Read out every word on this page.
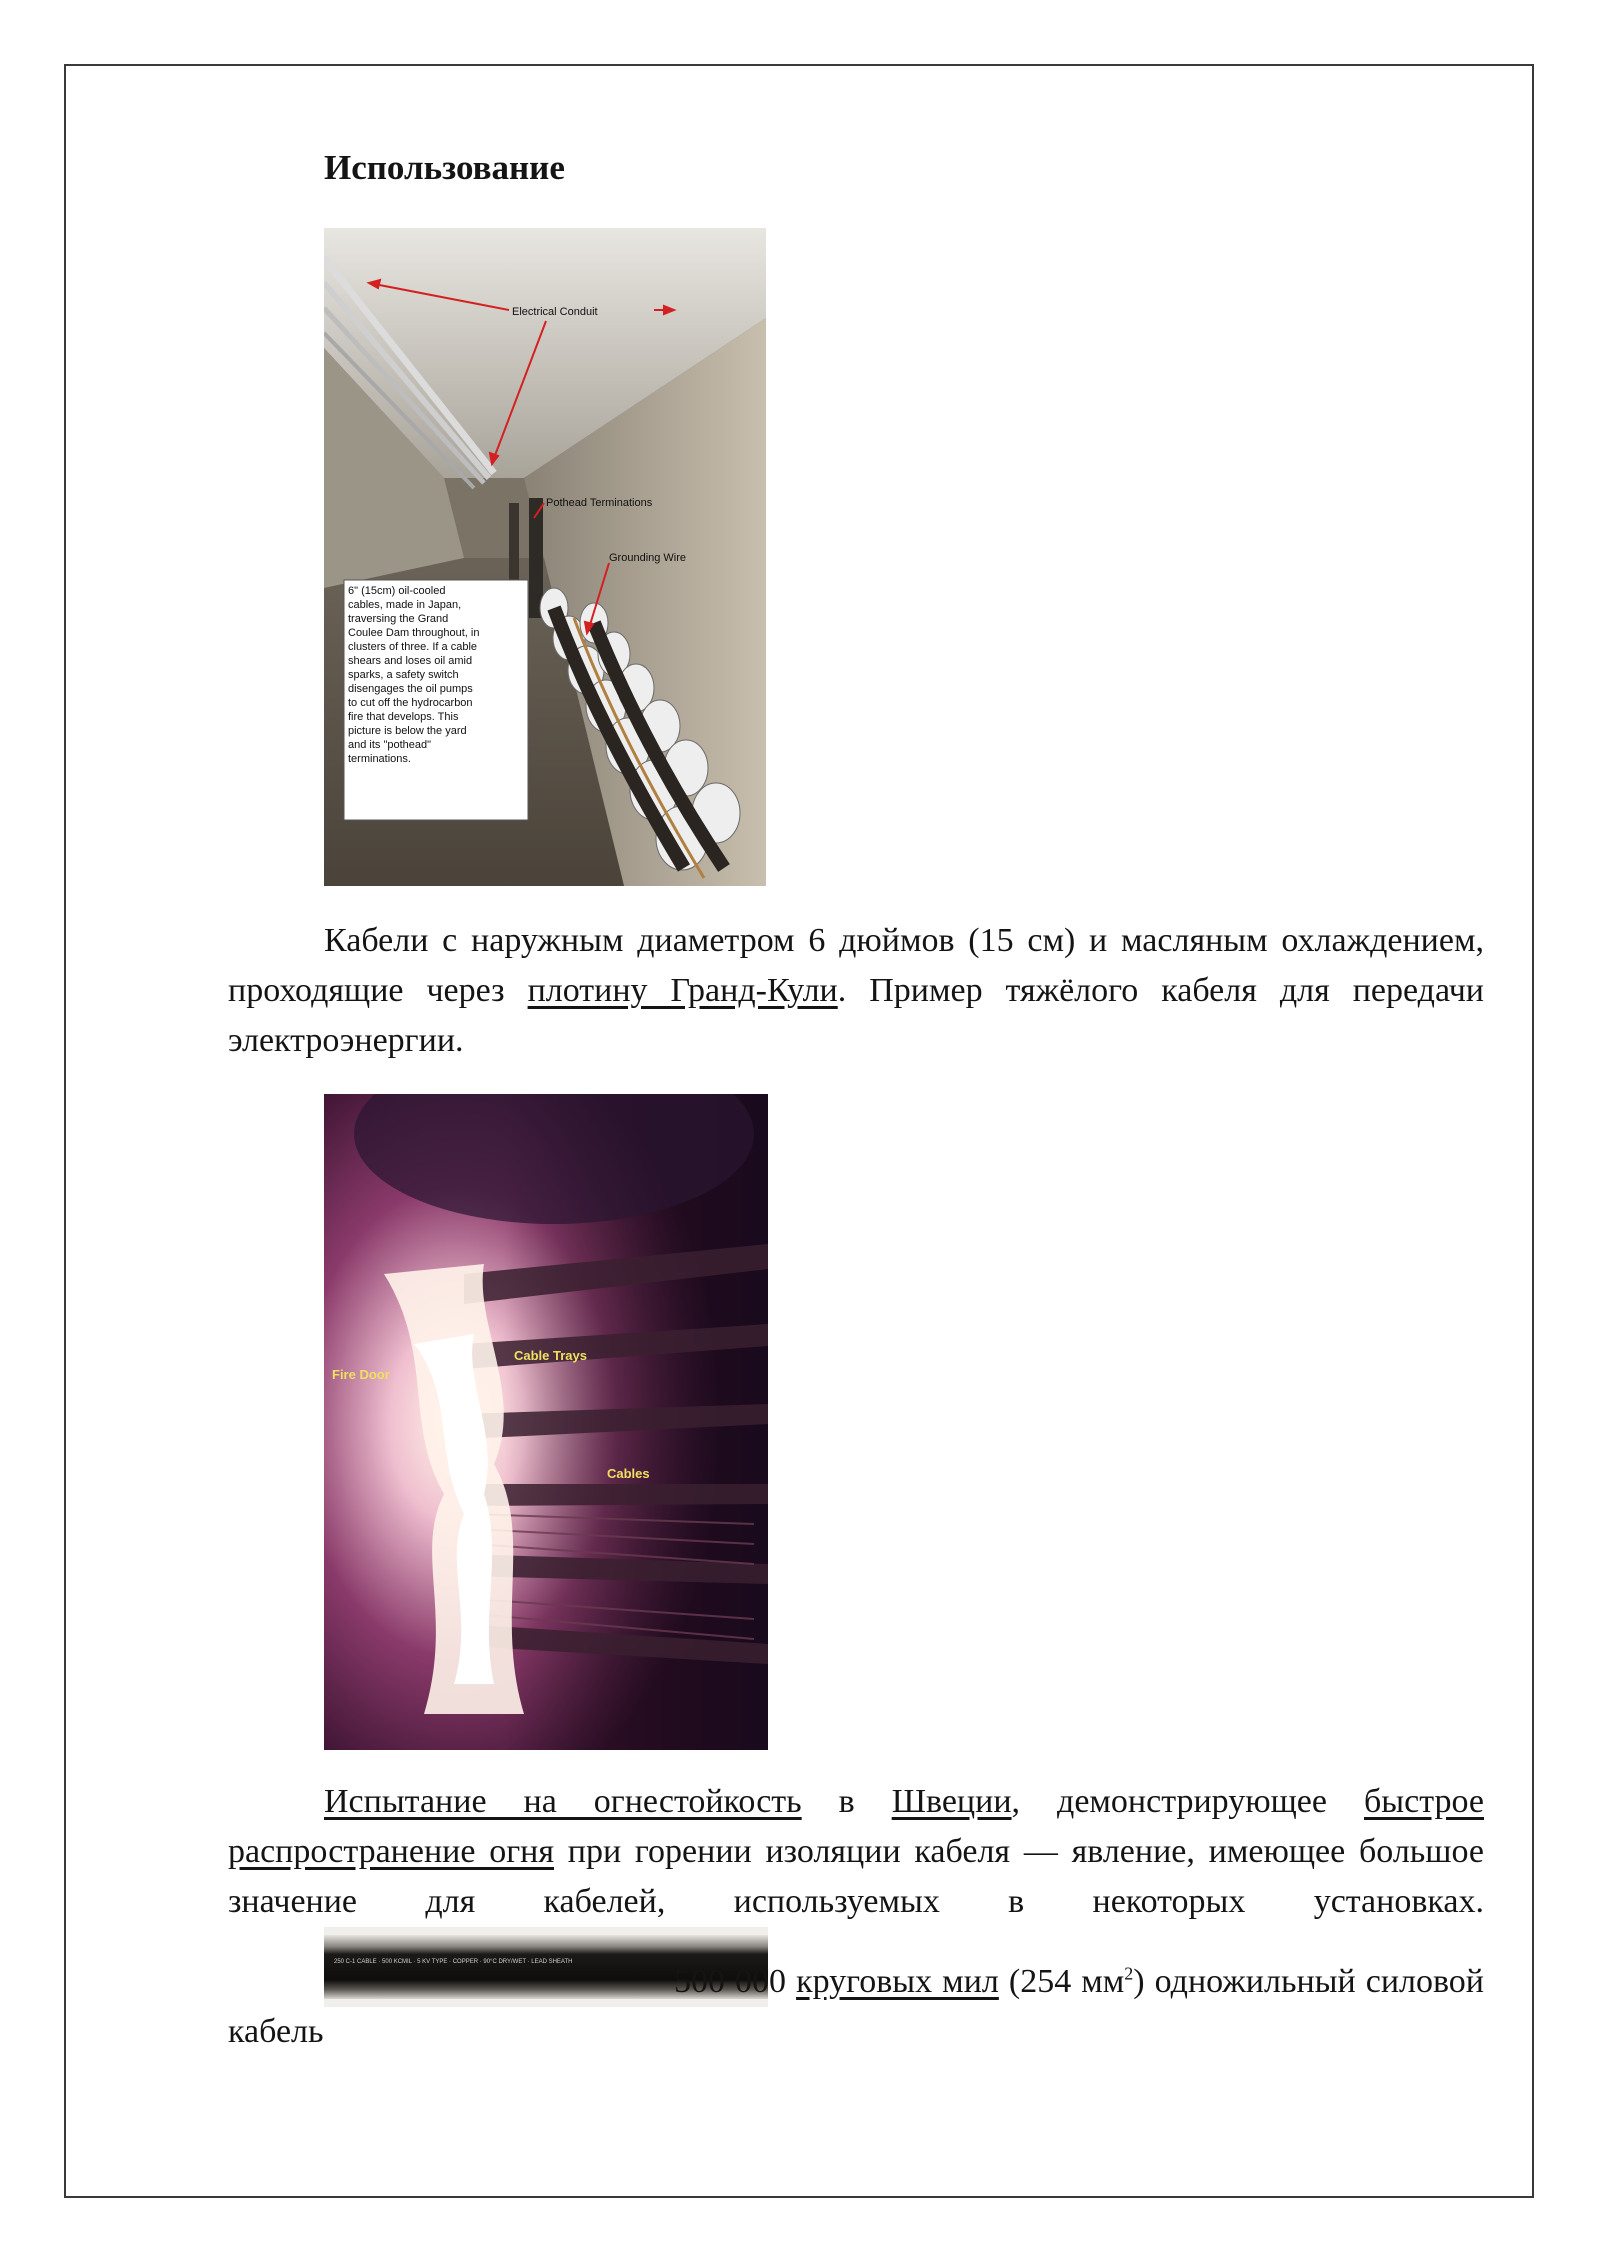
Использование
Electrical Conduit
Pothead Terminations
Grounding Wire
6" (15cm) oil-cooled cables, made in Japan, traversing the Grand Coulee Dam throughout, in clusters of three. If a cable shears and loses oil amid sparks, a safety switch disengages the oil pumps to cut off the hydrocarbon fire that develops. This picture is below the yard and its "pothead" terminations.

Кабели с наружным диаметром 6 дюймов (15 см) и масляным охлаждением, проходящие через плотину Гранд-Кули. Пример тяжёлого кабеля для передачи электроэнергии.

Fire Door
Cable Trays
Cables

Испытание на огнестойкость в Швеции, демонстрирующее быстрое распространение огня при горении изоляции кабеля — явление, имеющее большое значение для кабелей, используемых в некоторых установках.
250 C-1 CABLE · 500 KCMIL · 5 KV TYPE · COPPER · 90°C DRY/WET · LEAD SHEATH
500 000 круговых мил (254 $мм^2$) одножильный силовой кабель
